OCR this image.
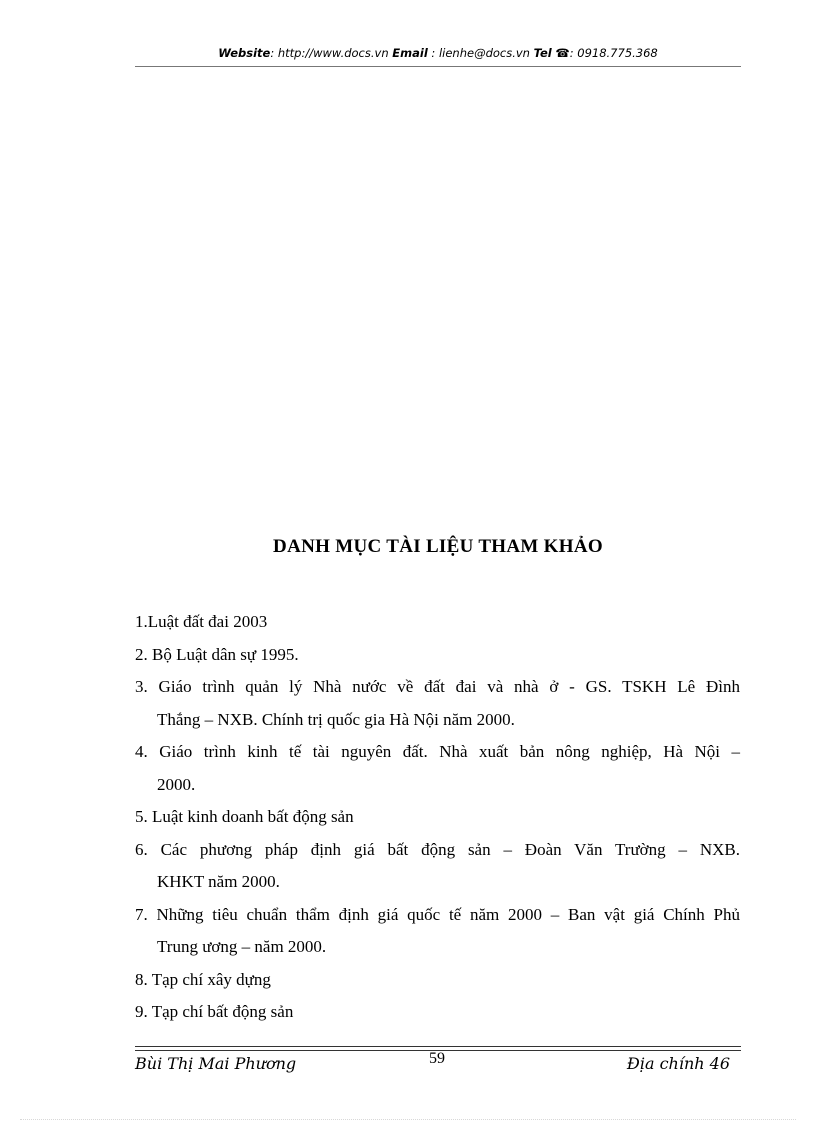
Website: http://www.docs.vn Email : lienhe@docs.vn Tel ☎: 0918.775.368
DANH MỤC TÀI LIỆU THAM KHẢO
1.Luật đất đai 2003
2. Bộ Luật dân sự 1995.
3. Giáo trình quản lý Nhà nước về đất đai và nhà ở - GS. TSKH Lê Đình
Thắng – NXB. Chính trị quốc gia Hà Nội năm 2000.
4. Giáo trình kinh tế tài nguyên đất. Nhà xuất bản nông nghiệp, Hà Nội –
2000.
5. Luật kinh doanh bất động sản
6. Các phương pháp định giá bất động sản – Đoàn Văn Trường – NXB.
KHKT năm 2000.
7. Những tiêu chuẩn thẩm định giá quốc tế năm 2000 – Ban vật giá Chính Phủ
Trung ương – năm 2000.
8. Tạp chí xây dựng
9. Tạp chí bất động sản
Bùi Thị Mai Phương	59	Địa chính 46
